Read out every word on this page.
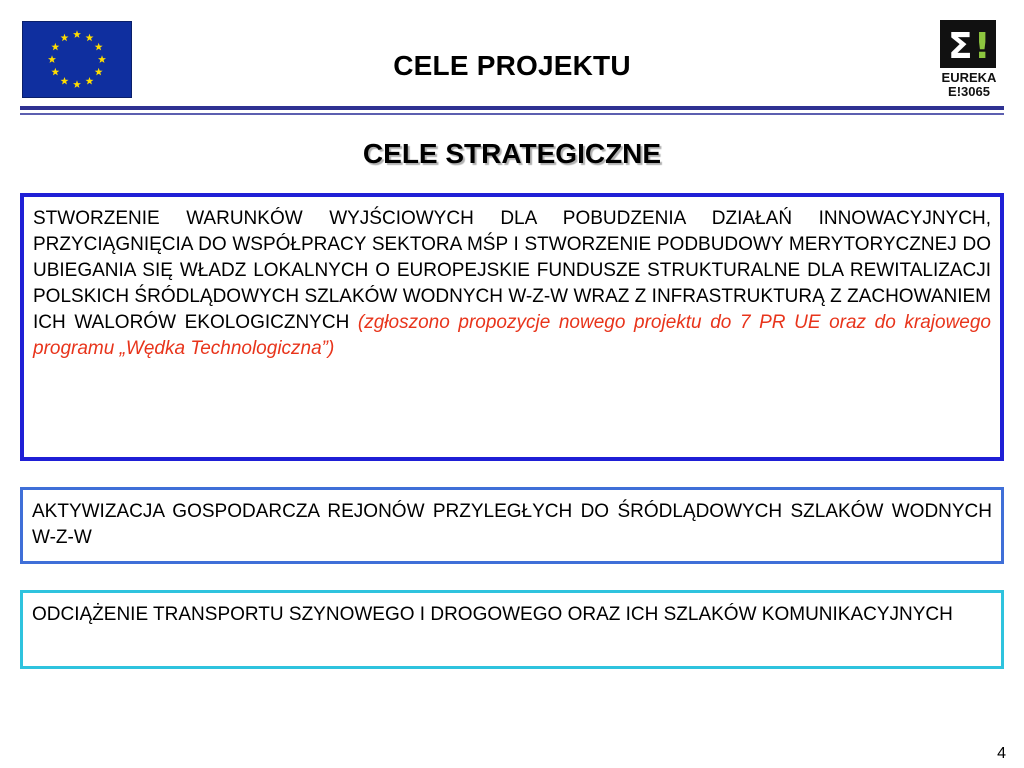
CELE PROJEKTU	Σ !
EUREKA
E!3065
CELE STRATEGICZNE
STWORZENIE WARUNKÓW WYJŚCIOWYCH DLA POBUDZENIA DZIAŁAŃ INNOWACYJNYCH, PRZYCIĄGNIĘCIA DO WSPÓŁPRACY SEKTORA MŚP I STWORZENIE PODBUDOWY MERYTORYCZNEJ DO UBIEGANIA SIĘ WŁADZ LOKALNYCH O EUROPEJSKIE FUNDUSZE STRUKTURALNE DLA REWITALIZACJI POLSKICH ŚRÓDLĄDOWYCH SZLAKÓW WODNYCH W-Z-W WRAZ Z INFRASTRUKTURĄ Z ZACHOWANIEM ICH WALORÓW EKOLOGICZNYCH (zgłoszono propozycje nowego projektu do 7 PR UE oraz do krajowego programu „Wędka Technologiczna”)
AKTYWIZACJA GOSPODARCZA REJONÓW PRZYLEGŁYCH DO ŚRÓDLĄDOWYCH SZLAKÓW WODNYCH W-Z-W
ODCIĄŻENIE TRANSPORTU SZYNOWEGO I DROGOWEGO ORAZ ICH SZLAKÓW KOMUNIKACYJNYCH
4
